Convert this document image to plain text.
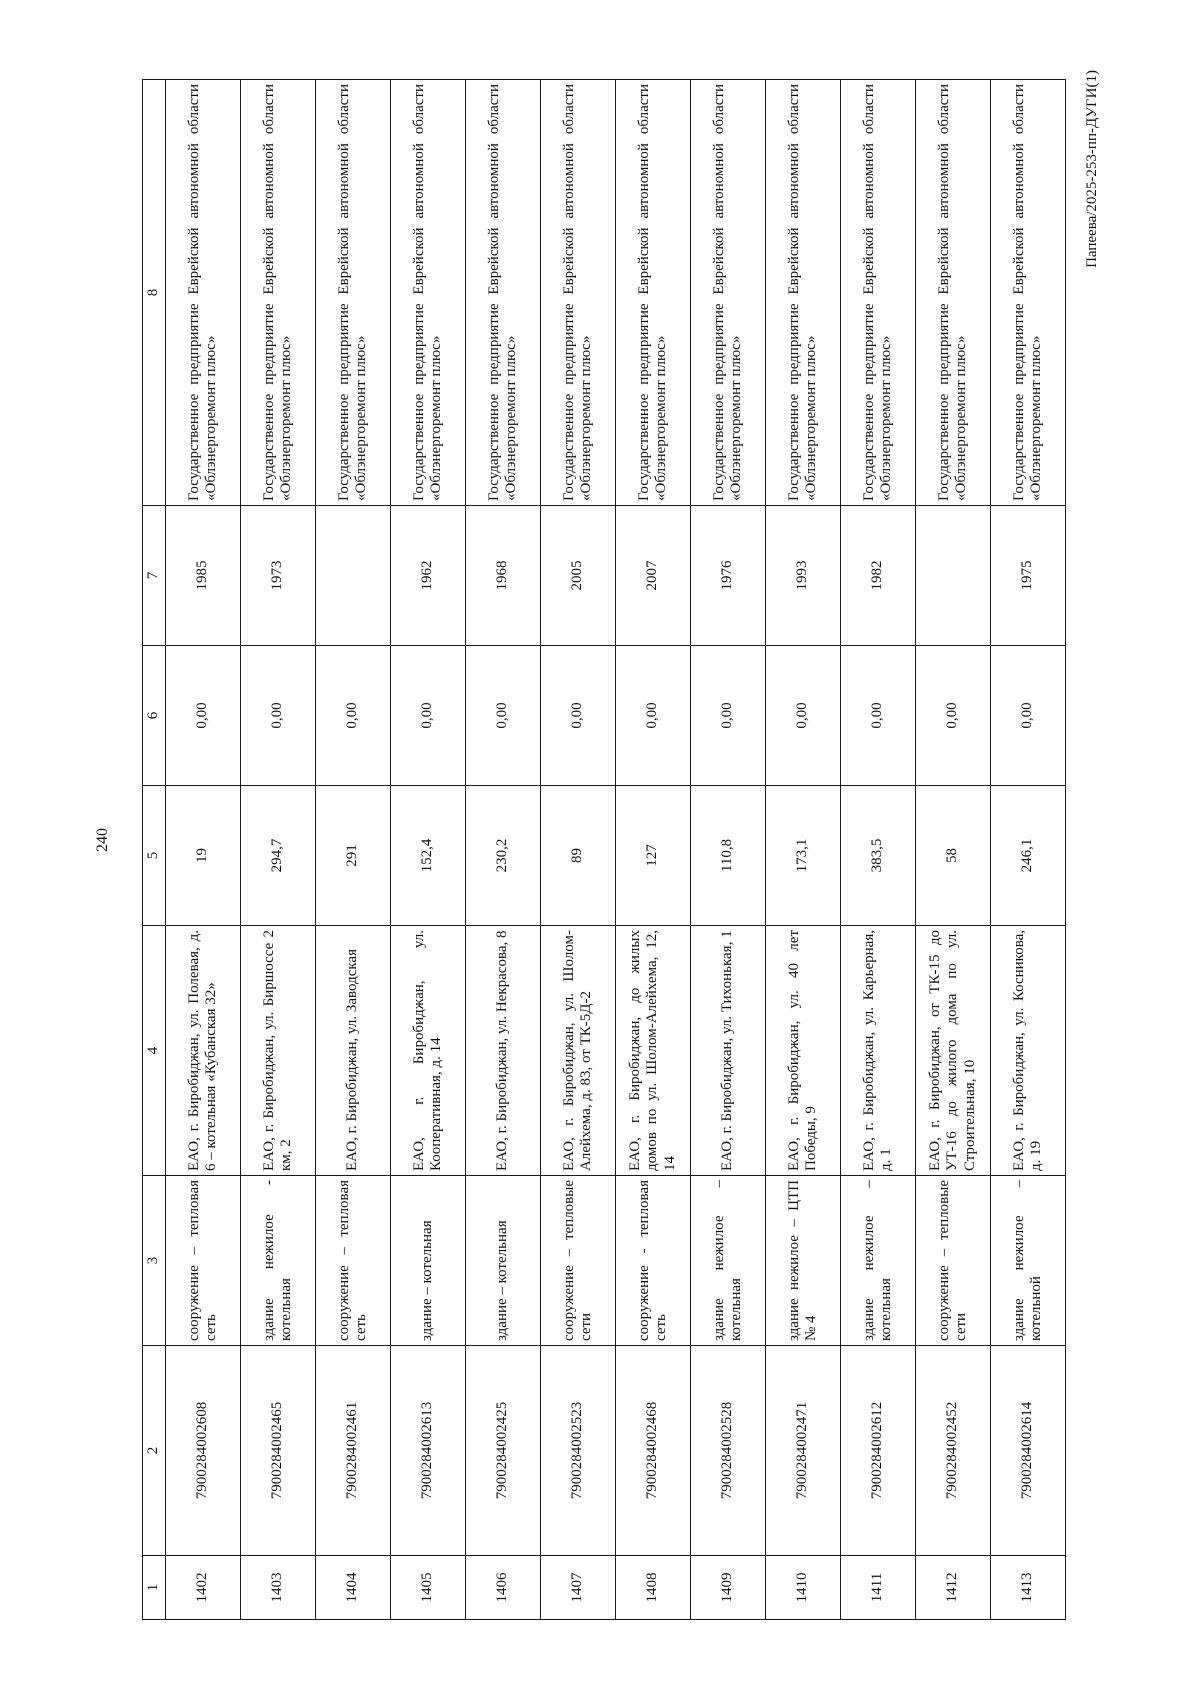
240
1	2	3	4	5	6	7	8
1402	7900284002608	сооружение – тепловая сеть	ЕАО, г. Биробиджан, ул. Полевая, д. 6 – котельная «Кубанская 32»	19	0,00	1985	Государственное предприятие Еврейской автономной области «Облэнергоремонт плюс»
1403	7900284002465	здание нежилое - котельная	ЕАО, г. Биробиджан, ул. Биршоссе 2 км, 2	294,7	0,00	1973	Государственное предприятие Еврейской автономной области «Облэнергоремонт плюс»
1404	7900284002461	сооружение – тепловая сеть	ЕАО, г. Биробиджан, ул. Заводская	291	0,00		Государственное предприятие Еврейской автономной области «Облэнергоремонт плюс»
1405	7900284002613	здание – котельная	ЕАО, г. Биробиджан, ул. Кооперативная, д. 14	152,4	0,00	1962	Государственное предприятие Еврейской автономной области «Облэнергоремонт плюс»
1406	7900284002425	здание – котельная	ЕАО, г. Биробиджан, ул. Некрасова, 8	230,2	0,00	1968	Государственное предприятие Еврейской автономной области «Облэнергоремонт плюс»
1407	7900284002523	сооружение – тепловые сети	ЕАО, г. Биробиджан, ул. Шолом-Алейхема, д. 83, от ТК-5Д-2	89	0,00	2005	Государственное предприятие Еврейской автономной области «Облэнергоремонт плюс»
1408	7900284002468	сооружение - тепловая сеть	ЕАО, г. Биробиджан, до жилых домов по ул. Шолом-Алейхема, 12, 14	127	0,00	2007	Государственное предприятие Еврейской автономной области «Облэнергоремонт плюс»
1409	7900284002528	здание нежилое – котельная	ЕАО, г. Биробиджан, ул. Тихонькая, 1	110,8	0,00	1976	Государственное предприятие Еврейской автономной области «Облэнергоремонт плюс»
1410	7900284002471	здание нежилое – ЦТП № 4	ЕАО, г. Биробиджан, ул. 40 лет Победы, 9	173,1	0,00	1993	Государственное предприятие Еврейской автономной области «Облэнергоремонт плюс»
1411	7900284002612	здание нежилое – котельная	ЕАО, г. Биробиджан, ул. Карьерная, д. 1	383,5	0,00	1982	Государственное предприятие Еврейской автономной области «Облэнергоремонт плюс»
1412	7900284002452	сооружение – тепловые сети	ЕАО, г. Биробиджан, от ТК-15 до УТ-16 до жилого дома по ул. Строительная, 10	58	0,00		Государственное предприятие Еврейской автономной области «Облэнергоремонт плюс»
1413	7900284002614	здание нежилое – котельной	ЕАО, г. Биробиджан, ул. Косникова, д. 19	246,1	0,00	1975	Государственное предприятие Еврейской автономной области «Облэнергоремонт плюс»
Папеева/2025-253-пп-ДУГИ(1)
